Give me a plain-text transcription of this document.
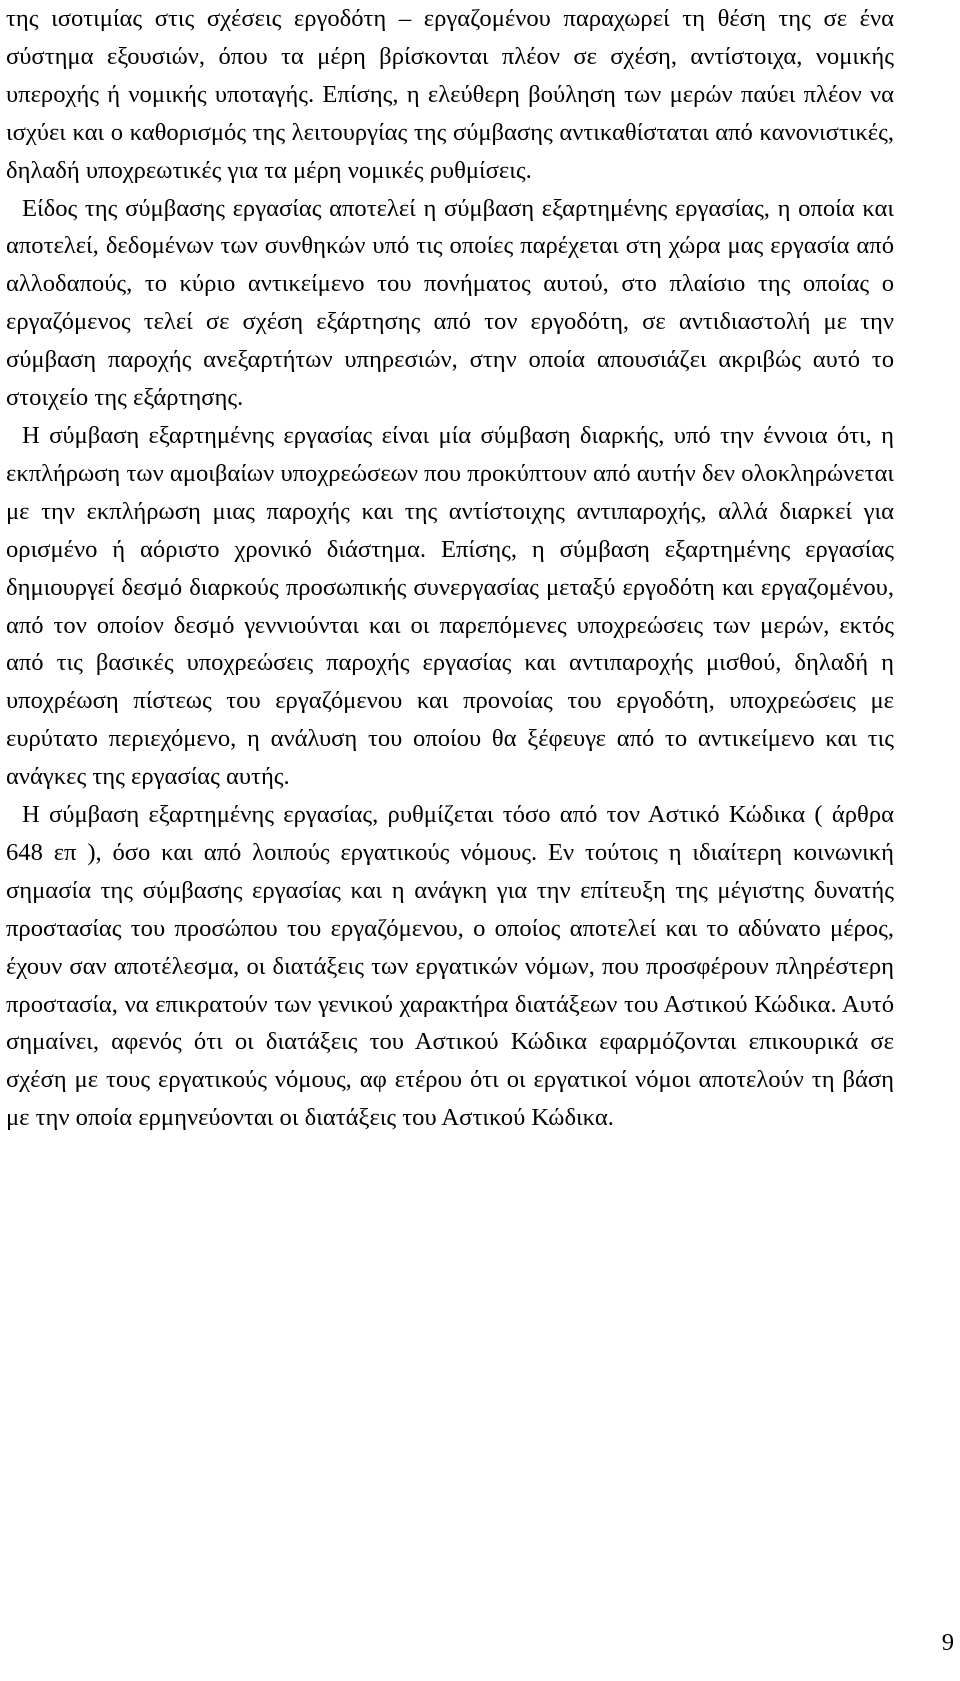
της ισοτιμίας στις σχέσεις εργοδότη – εργαζομένου παραχωρεί τη θέση της σε ένα σύστημα εξουσιών, όπου τα μέρη βρίσκονται πλέον σε σχέση, αντίστοιχα, νομικής υπεροχής ή νομικής υποταγής. Επίσης, η ελεύθερη βούληση των μερών παύει πλέον να ισχύει και ο καθορισμός της λειτουργίας της σύμβασης αντικαθίσταται από κανονιστικές, δηλαδή υποχρεωτικές για τα μέρη νομικές ρυθμίσεις.

Είδος της σύμβασης εργασίας αποτελεί η σύμβαση εξαρτημένης εργασίας, η οποία και αποτελεί, δεδομένων των συνθηκών υπό τις οποίες παρέχεται στη χώρα μας εργασία από αλλοδαπούς, το κύριο αντικείμενο του πονήματος αυτού, στο πλαίσιο της οποίας ο εργαζόμενος τελεί σε σχέση εξάρτησης από τον εργοδότη, σε αντιδιαστολή με την σύμβαση παροχής ανεξαρτήτων υπηρεσιών, στην οποία απουσιάζει ακριβώς αυτό το στοιχείο της εξάρτησης.

Η σύμβαση εξαρτημένης εργασίας είναι μία σύμβαση διαρκής, υπό την έννοια ότι, η εκπλήρωση των αμοιβαίων υποχρεώσεων που προκύπτουν από αυτήν δεν ολοκληρώνεται με την εκπλήρωση μιας παροχής και της αντίστοιχης αντιπαροχής, αλλά διαρκεί για ορισμένο ή αόριστο χρονικό διάστημα. Επίσης, η σύμβαση εξαρτημένης εργασίας δημιουργεί δεσμό διαρκούς προσωπικής συνεργασίας μεταξύ εργοδότη και εργαζομένου, από τον οποίον δεσμό γεννιούνται και οι παρεπόμενες υποχρεώσεις των μερών, εκτός από τις βασικές υποχρεώσεις παροχής εργασίας και αντιπαροχής μισθού, δηλαδή η υποχρέωση πίστεως του εργαζόμενου και προνοίας του εργοδότη, υποχρεώσεις με ευρύτατο περιεχόμενο, η ανάλυση του οποίου θα ξέφευγε από το αντικείμενο και τις ανάγκες της εργασίας αυτής.

Η σύμβαση εξαρτημένης εργασίας, ρυθμίζεται τόσο από τον Αστικό Κώδικα ( άρθρα 648 επ ), όσο και από λοιπούς εργατικούς νόμους. Εν τούτοις η ιδιαίτερη κοινωνική σημασία της σύμβασης εργασίας και η ανάγκη για την επίτευξη της μέγιστης δυνατής προστασίας του προσώπου του εργαζόμενου, ο οποίος αποτελεί και το αδύνατο μέρος, έχουν σαν αποτέλεσμα, οι διατάξεις των εργατικών νόμων, που προσφέρουν πληρέστερη προστασία, να επικρατούν των γενικού χαρακτήρα διατάξεων του Αστικού Κώδικα. Αυτό σημαίνει, αφενός ότι οι διατάξεις του Αστικού Κώδικα εφαρμόζονται επικουρικά σε σχέση με τους εργατικούς νόμους, αφ ετέρου ότι οι εργατικοί νόμοι αποτελούν τη βάση με την οποία ερμηνεύονται οι διατάξεις του Αστικού Κώδικα.

9
